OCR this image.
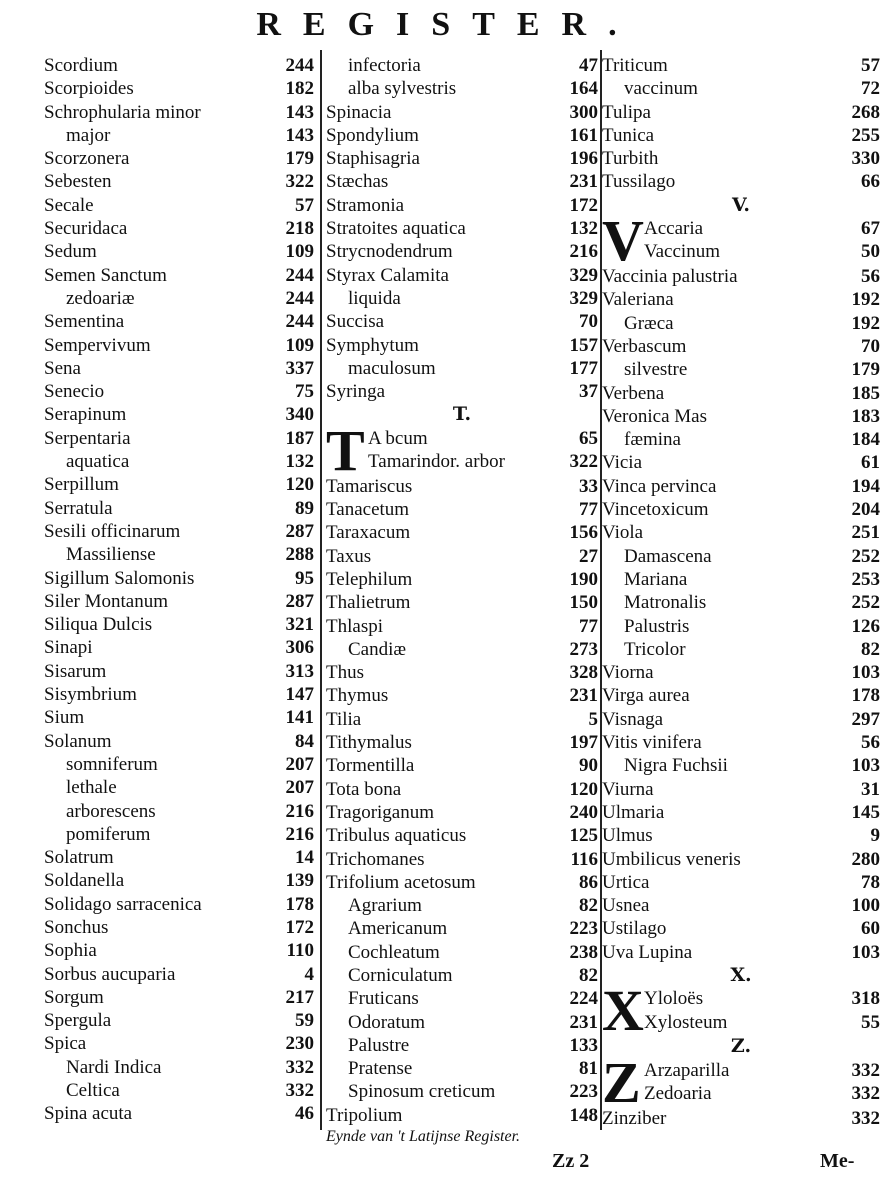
REGISTER.
Scordium	244
Scorpioides	182
Schrophularia minor	143
major	143
Scorzonera	179
Sebesten	322
Secale	57
Securidaca	218
Sedum	109
Semen Sanctum	244
zedoariæ	244
Sementina	244
Sempervivum	109
Sena	337
Senecio	75
Serapinum	340
Serpentaria	187
aquatica	132
Serpillum	120
Serratula	89
Sesili officinarum	287
Massiliense	288
Sigillum Salomonis	95
Siler Montanum	287
Siliqua Dulcis	321
Sinapi	306
Sisarum	313
Sisymbrium	147
Sium	141
Solanum	84
somniferum	207
lethale	207
arborescens	216
pomiferum	216
Solatrum	14
Soldanella	139
Solidago sarracenica	178
Sonchus	172
Sophia	110
Sorbus aucuparia	4
Sorgum	217
Spergula	59
Spica	230
Nardi Indica	332
Celtica	332
Spina acuta	46
infectoria	47
alba sylvestris	164
Spinacia	300
Spondylium	161
Staphisagria	196
Stæchas	231
Stramonia	172
Stratoites aquatica	132
Strycnodendrum	216
Styrax Calamita	329
liquida	329
Succisa	70
Symphytum	157
maculosum	177
Syringa	37
T.
T A bcum	65
Tamarindor. arbor	322
Tamariscus	33
Tanacetum	77
Taraxacum	156
Taxus	27
Telephilum	190
Thalietrum	150
Thlaspi	77
Candiæ	273
Thus	328
Thymus	231
Tilia	5
Tithymalus	197
Tormentilla	90
Tota bona	120
Tragoriganum	240
Tribulus aquaticus	125
Trichomanes	116
Trifolium acetosum	86
Agrarium	82
Americanum	223
Cochleatum	238
Corniculatum	82
Fruticans	224
Odoratum	231
Palustre	133
Pratense	81
Spinosum creticum	223
Tripolium	148
Triticum	57
vaccinum	72
Tulipa	268
Tunica	255
Turbith	330
Tussilago	66
V.
V Accaria	67
Vaccinum	50
Vaccinia palustria	56
Valeriana	192
Græca	192
Verbascum	70
silvestre	179
Verbena	185
Veronica Mas	183
fæmina	184
Vicia	61
Vinca pervinca	194
Vincetoxicum	204
Viola	251
Damascena	252
Mariana	253
Matronalis	252
Palustris	126
Tricolor	82
Viorna	103
Virga aurea	178
Visnaga	297
Vitis vinifera	56
Nigra Fuchsii	103
Viurna	31
Ulmaria	145
Ulmus	9
Umbilicus veneris	280
Urtica	78
Usnea	100
Ustilago	60
Uva Lupina	103
X.
X Yloloës	318
Xylosteum	55
Z.
Z Arzaparilla	332
Zedoaria	332
Zinziber	332
Eynde van 't Latijnse Register.
Zz 2	Me-
